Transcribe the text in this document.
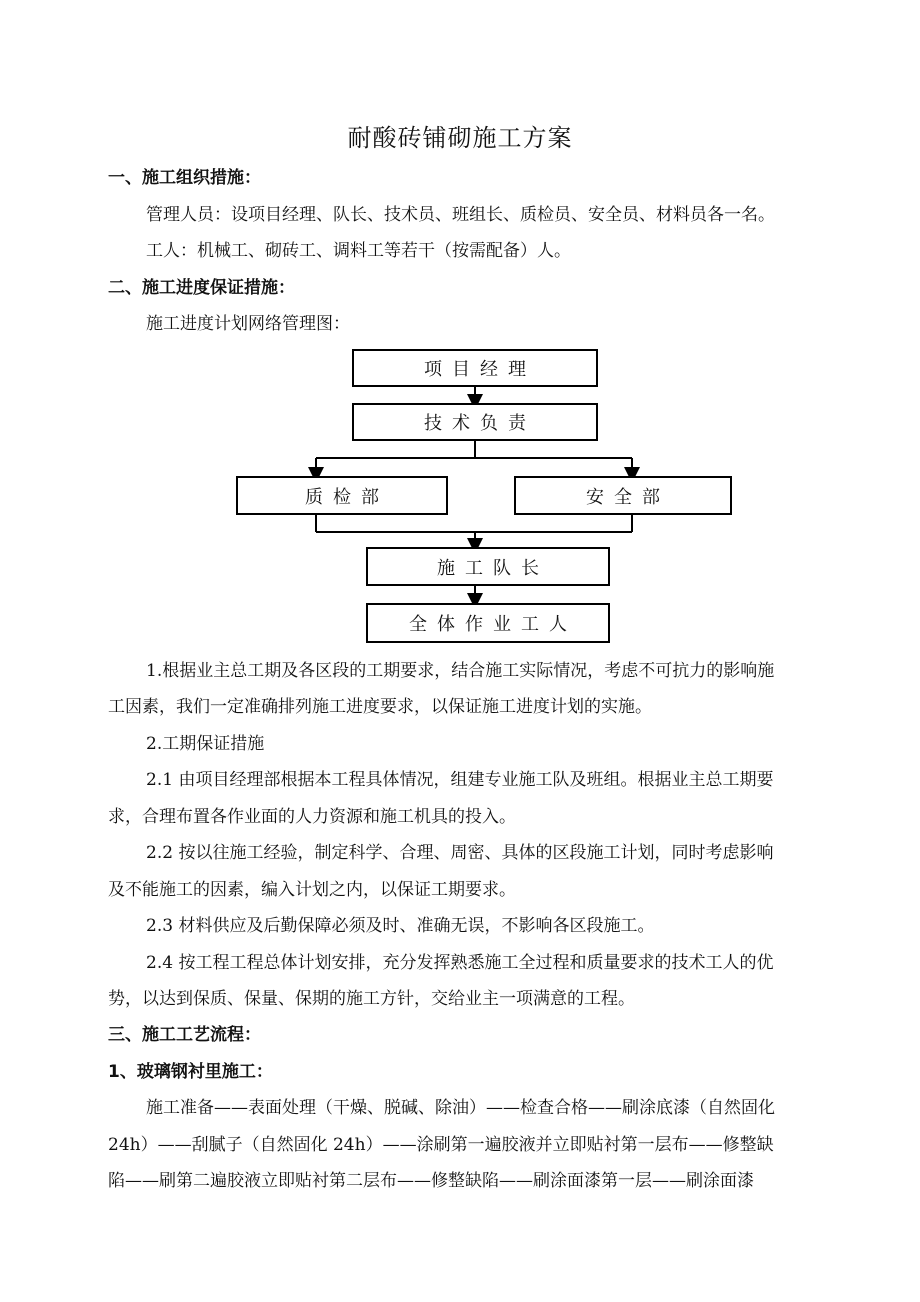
耐酸砖铺砌施工方案
一、施工组织措施：
管理人员：设项目经理、队长、技术员、班组长、质检员、安全员、材料员各一名。
工人：机械工、砌砖工、调料工等若干（按需配备）人。
二、施工进度保证措施：
施工进度计划网络管理图：
项目经理
技术负责
质检部	安全部
施工队长
全体作业工人
1.根据业主总工期及各区段的工期要求，结合施工实际情况，考虑不可抗力的影响施
工因素，我们一定准确排列施工进度要求，以保证施工进度计划的实施。
2.工期保证措施
2.1 由项目经理部根据本工程具体情况，组建专业施工队及班组。根据业主总工期要
求，合理布置各作业面的人力资源和施工机具的投入。
2.2 按以往施工经验，制定科学、合理、周密、具体的区段施工计划，同时考虑影响
及不能施工的因素，编入计划之内，以保证工期要求。
2.3 材料供应及后勤保障必须及时、准确无误，不影响各区段施工。
2.4 按工程工程总体计划安排，充分发挥熟悉施工全过程和质量要求的技术工人的优
势，以达到保质、保量、保期的施工方针，交给业主一项满意的工程。
三、施工工艺流程：
1、玻璃钢衬里施工：
施工准备——表面处理（干燥、脱碱、除油）——检查合格——刷涂底漆（自然固化
24h）——刮腻子（自然固化 24h）——涂刷第一遍胶液并立即贴衬第一层布——修整缺
陷——刷第二遍胶液立即贴衬第二层布——修整缺陷——刷涂面漆第一层——刷涂面漆
